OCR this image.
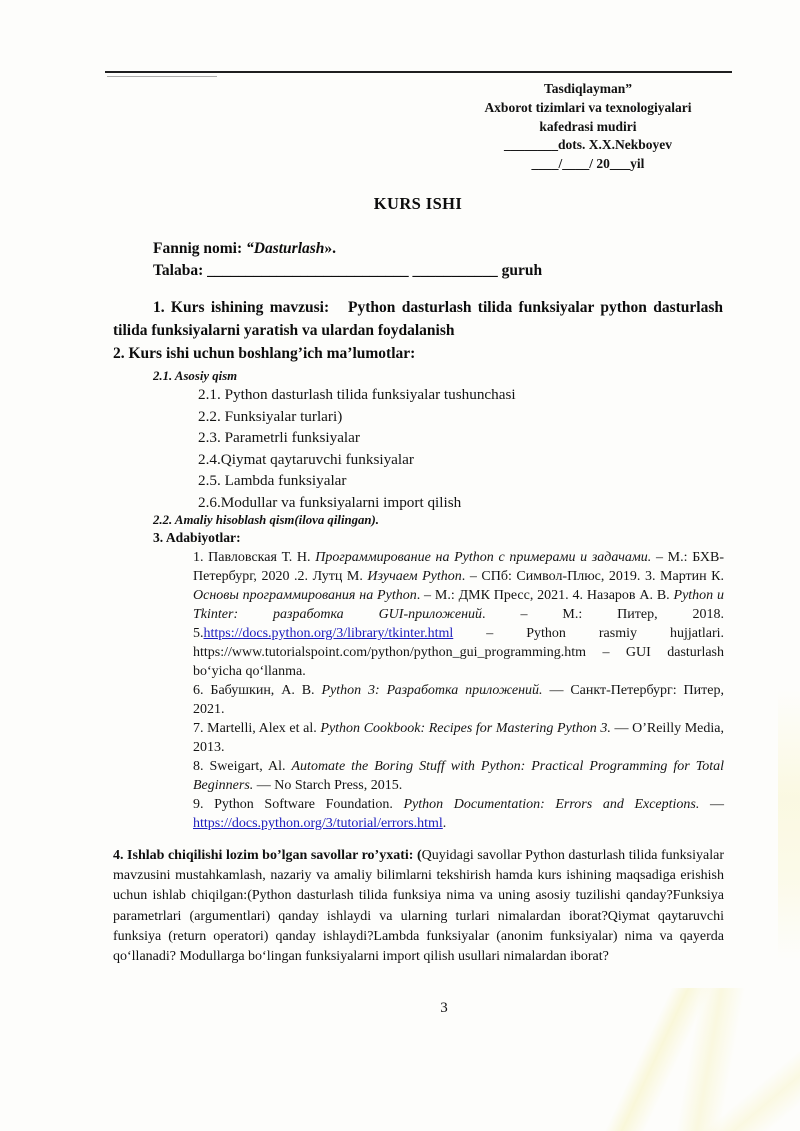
Tasdiqlayman”
Axborot tizimlari va texnologiyalari
kafedrasi mudiri
________dots. X.X.Nekboyev
____/____/ 20___yil
KURS ISHI

Fannig nomi: “Dasturlash».

Talaba: __________________________ ___________ guruh

1. Kurs ishining mavzusi:   Python dasturlash tilida funksiyalar python dasturlash tilida funksiyalarni yaratish va ulardan foydalanish

2. Kurs ishi uchun boshlang’ich ma’lumotlar:

2.1. Asosiy qism

2.1. Python dasturlash tilida funksiyalar tushunchasi
2.2. Funksiyalar turlari)
2.3. Parametrli funksiyalar
2.4.Qiymat qaytaruvchi funksiyalar
2.5. Lambda funksiyalar
2.6.Modullar va funksiyalarni import qilish

2.2. Amaliy hisoblash qism(ilova qilingan).

3. Adabiyotlar:

1. Павловская Т. Н. Программирование на Python с примерами и задачами. – М.: БХВ-Петербург, 2020 .2. Лутц М. Изучаем Python. – СПб: Символ-Плюс, 2019. 3. Мартин К. Основы программирования на Python. – М.: ДМК Пресс, 2021. 4. Назаров А. В. Python и Tkinter: разработка GUI-приложений. – М.: Питер, 2018. 5.https://docs.python.org/3/library/tkinter.html – Python rasmiy hujjatlari. https://www.tutorialspoint.com/python/python_gui_programming.htm – GUI dasturlash bo‘yicha qo‘llanma.

6. Бабушкин, А. В. Python 3: Разработка приложений. — Санкт-Петербург: Питер, 2021.

7. Martelli, Alex et al. Python Cookbook: Recipes for Mastering Python 3. — O’Reilly Media, 2013.

8. Sweigart, Al. Automate the Boring Stuff with Python: Practical Programming for Total Beginners. — No Starch Press, 2015.

9. Python Software Foundation. Python Documentation: Errors and Exceptions. — https://docs.python.org/3/tutorial/errors.html.

4. Ishlab chiqilishi lozim bo’lgan savollar ro’yxati: (Quyidagi savollar Python dasturlash tilida funksiyalar mavzusini mustahkamlash, nazariy va amaliy bilimlarni tekshirish hamda kurs ishining maqsadiga erishish uchun ishlab chiqilgan:(Python dasturlash tilida funksiya nima va uning asosiy tuzilishi qanday?Funksiya parametrlari (argumentlari) qanday ishlaydi va ularning turlari nimalardan iborat?Qiymat qaytaruvchi funksiya (return operatori) qanday ishlaydi?Lambda funksiyalar (anonim funksiyalar) nima va qayerda qo‘llanadi? Modullarga bo‘lingan funksiyalarni import qilish usullari nimalardan iborat?

3
